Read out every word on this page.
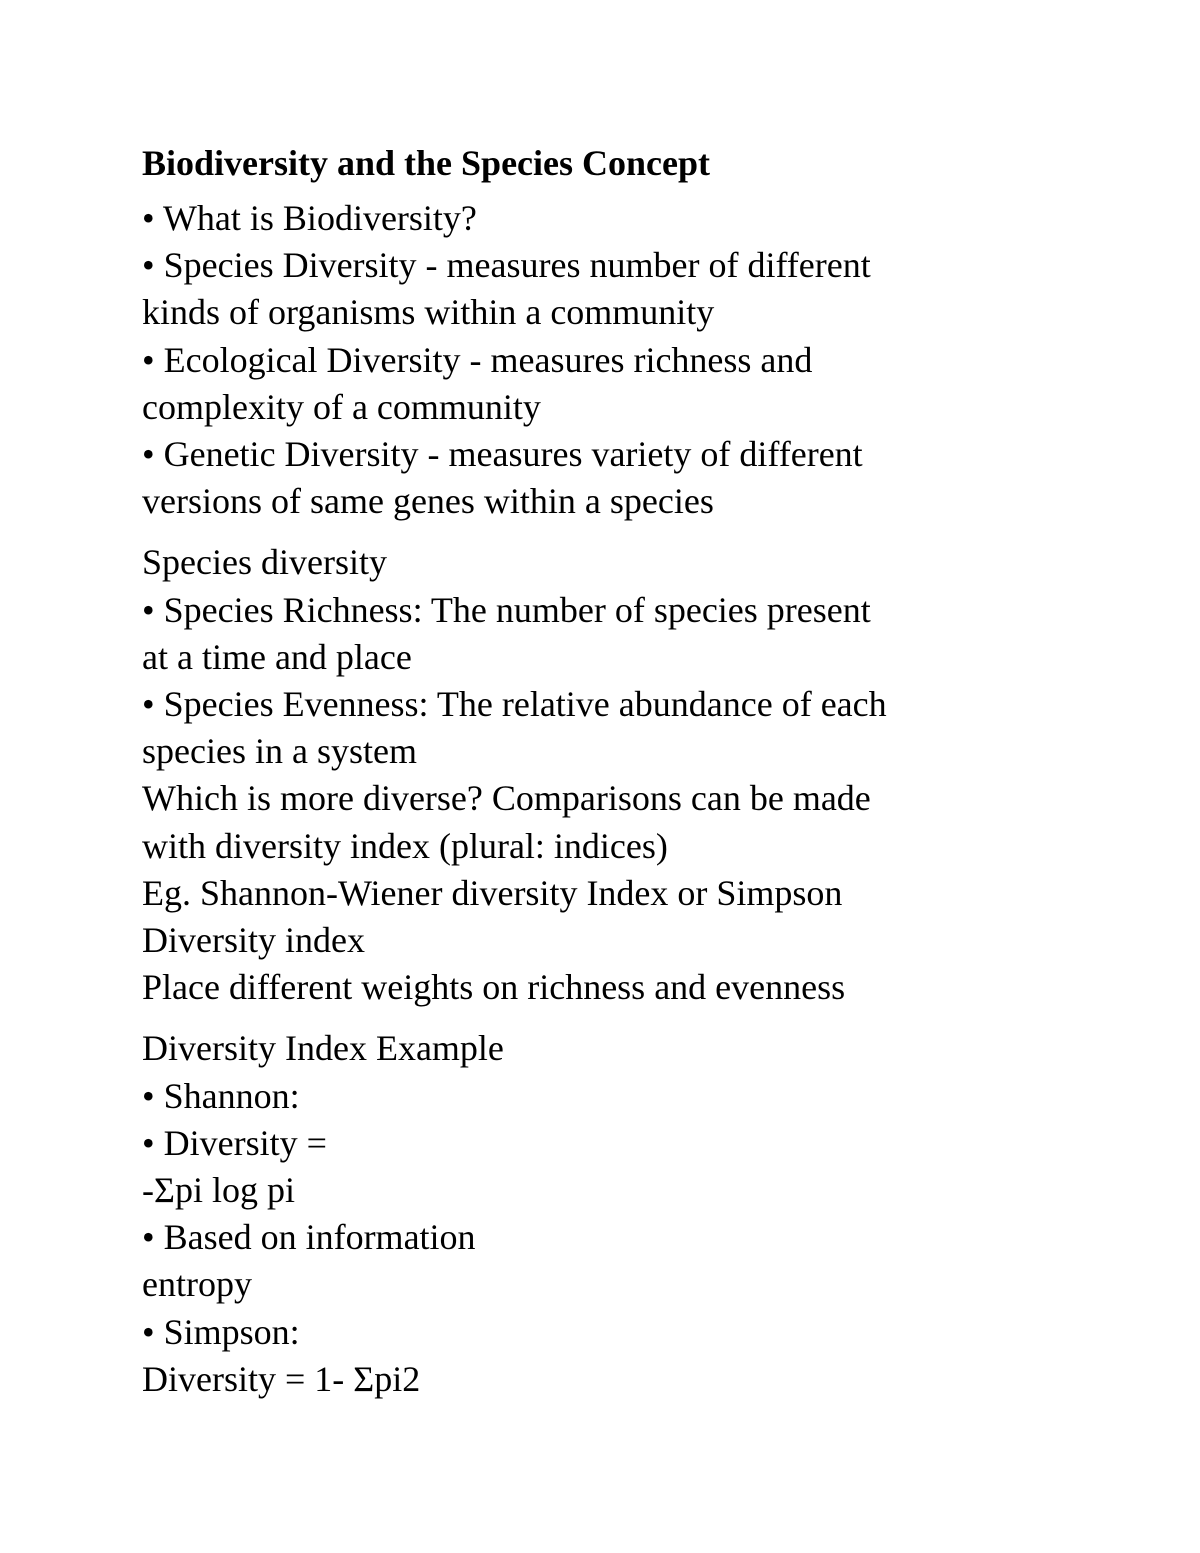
Biodiversity and the Species Concept

• What is Biodiversity?

• Species Diversity - measures number of different

kinds of organisms within a community

• Ecological Diversity - measures richness and

complexity of a community

• Genetic Diversity - measures variety of different

versions of same genes within a species

Species diversity

• Species Richness: The number of species present

at a time and place

• Species Evenness: The relative abundance of each

species in a system

Which is more diverse? Comparisons can be made

with diversity index (plural: indices)

Eg. Shannon-Wiener diversity Index or Simpson

Diversity index

Place different weights on richness and evenness

Diversity Index Example

• Shannon:

• Diversity =

-Σpi log pi

• Based on information

entropy

• Simpson:

Diversity = 1- Σpi2
